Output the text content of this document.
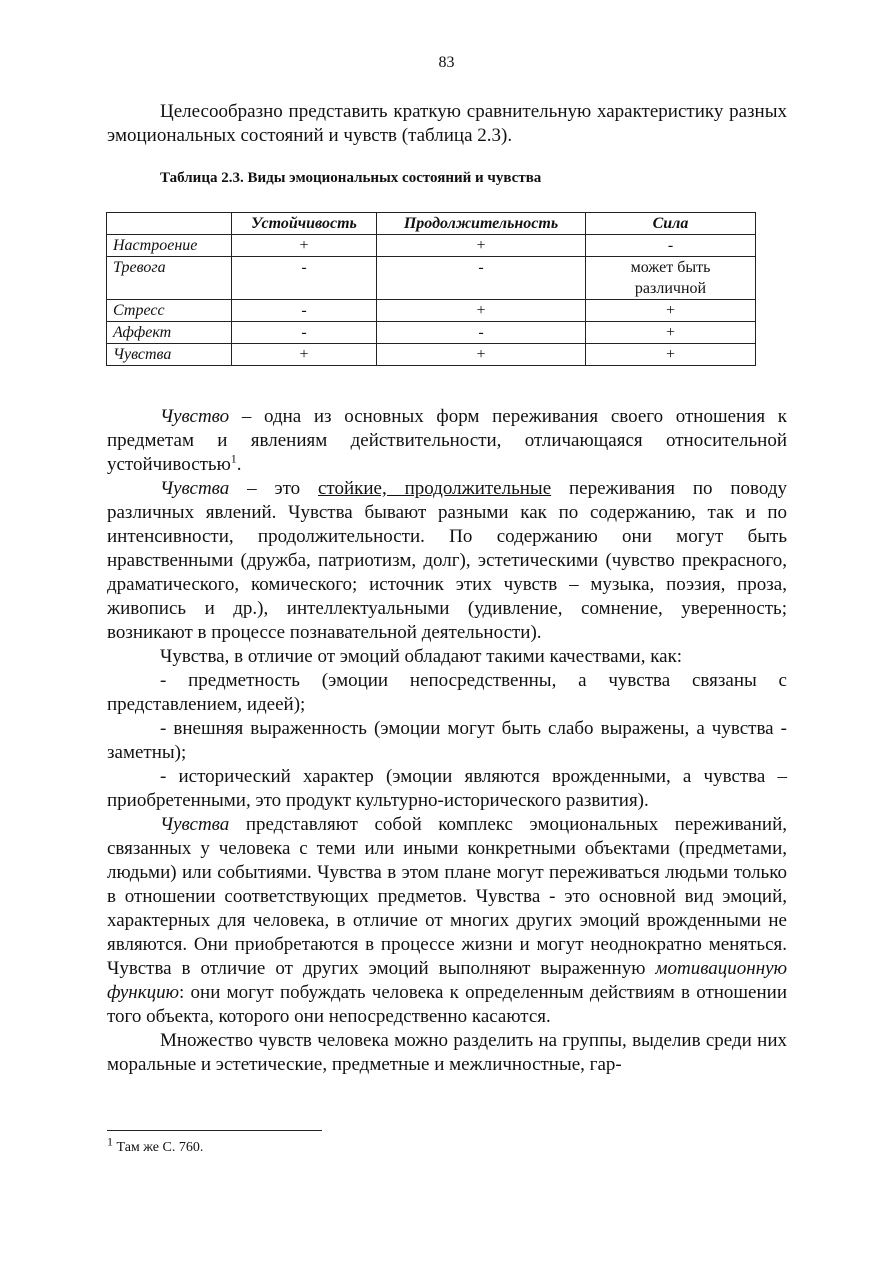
83

Целесообразно представить краткую сравнительную характеристику разных эмоциональных состояний и чувств (таблица 2.3).

Таблица 2.3. Виды эмоциональных состояний и чувства
	Устойчивость	Продолжительность	Сила
Настроение	+	+	-
Тревога	-	-	может быть различной
Стресс	-	+	+
Аффект	-	-	+
Чувства	+	+	+

Чувство – одна из основных форм переживания своего отношения к предметам и явлениям действительности, отличающаяся относительной устойчивостью$^1$.

Чувства – это стойкие, продолжительные переживания по поводу различных явлений. Чувства бывают разными как по содержанию, так и по интенсивности, продолжительности. По содержанию они могут быть нравственными (дружба, патриотизм, долг), эстетическими (чувство прекрасного, драматического, комического; источник этих чувств – музыка, поэзия, проза, живопись и др.), интеллектуальными (удивление, сомнение, уверенность; возникают в процессе познавательной деятельности).

Чувства, в отличие от эмоций обладают такими качествами, как:

- предметность (эмоции непосредственны, а чувства связаны с представлением, идеей);

- внешняя выраженность (эмоции могут быть слабо выражены, а чувства - заметны);

- исторический характер (эмоции являются врожденными, а чувства – приобретенными, это продукт культурно-исторического развития).

Чувства представляют собой комплекс эмоциональных переживаний, связанных у человека с теми или иными конкретными объектами (предметами, людьми) или событиями. Чувства в этом плане могут переживаться людьми только в отношении соответствующих предметов. Чувства - это основной вид эмоций, характерных для человека, в отличие от многих других эмоций врожденными не являются. Они приобретаются в процессе жизни и могут неоднократно меняться. Чувства в отличие от других эмоций выполняют выраженную мотивационную функцию: они могут побуждать человека к определенным действиям в отношении того объекта, которого они непосредственно касаются.

Множество чувств человека можно разделить на группы, выделив среди них моральные и эстетические, предметные и межличностные, гар-

$^1$ Там же С. 760.
